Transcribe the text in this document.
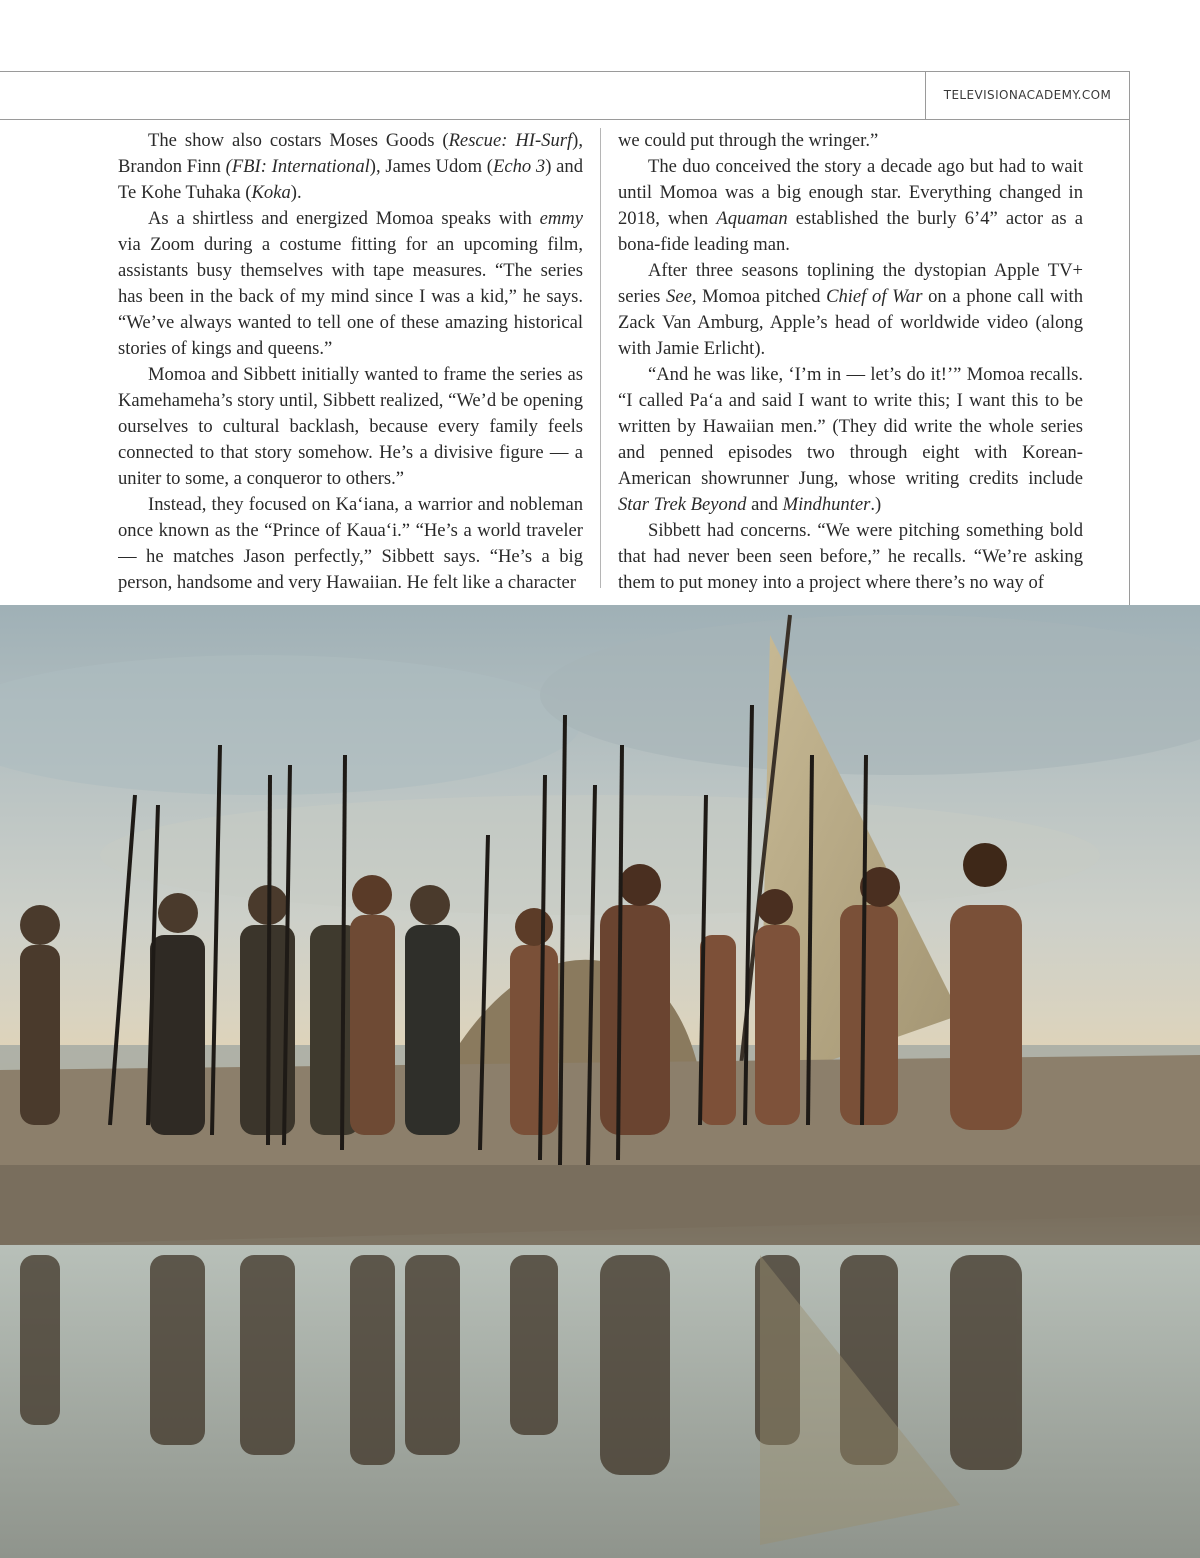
TELEVISIONACADEMY.COM

The show also costars Moses Goods (Rescue: HI-Surf), Brandon Finn (FBI: International), James Udom (Echo 3) and Te Kohe Tuhaka (Koka).

As a shirtless and energized Momoa speaks with emmy via Zoom during a costume fitting for an upcoming film, assistants busy themselves with tape measures. “The series has been in the back of my mind since I was a kid,” he says. “We’ve always wanted to tell one of these amazing historical stories of kings and queens.”

Momoa and Sibbett initially wanted to frame the series as Kamehameha’s story until, Sibbett realized, “We’d be opening ourselves to cultural backlash, because every family feels connected to that story somehow. He’s a divisive figure — a uniter to some, a conqueror to others.”

Instead, they focused on Kaʻiana, a warrior and nobleman once known as the “Prince of Kauaʻi.” “He’s a world traveler — he matches Jason perfectly,” Sibbett says. “He’s a big person, handsome and very Hawaiian. He felt like a character

we could put through the wringer.”

The duo conceived the story a decade ago but had to wait until Momoa was a big enough star. Everything changed in 2018, when Aquaman established the burly 6’4” actor as a bona-fide leading man.

After three seasons toplining the dystopian Apple TV+ series See, Momoa pitched Chief of War on a phone call with Zack Van Amburg, Apple’s head of worldwide video (along with Jamie Erlicht).

“And he was like, ‘I’m in — let’s do it!’” Momoa recalls. “I called Paʻa and said I want to write this; I want this to be written by Hawaiian men.” (They did write the whole series and penned episodes two through eight with Korean-American showrunner Jung, whose writing credits include Star Trek Beyond and Mindhunter.)

Sibbett had concerns. “We were pitching something bold that had never been seen before,” he recalls. “We’re asking them to put money into a project where there’s no way of
